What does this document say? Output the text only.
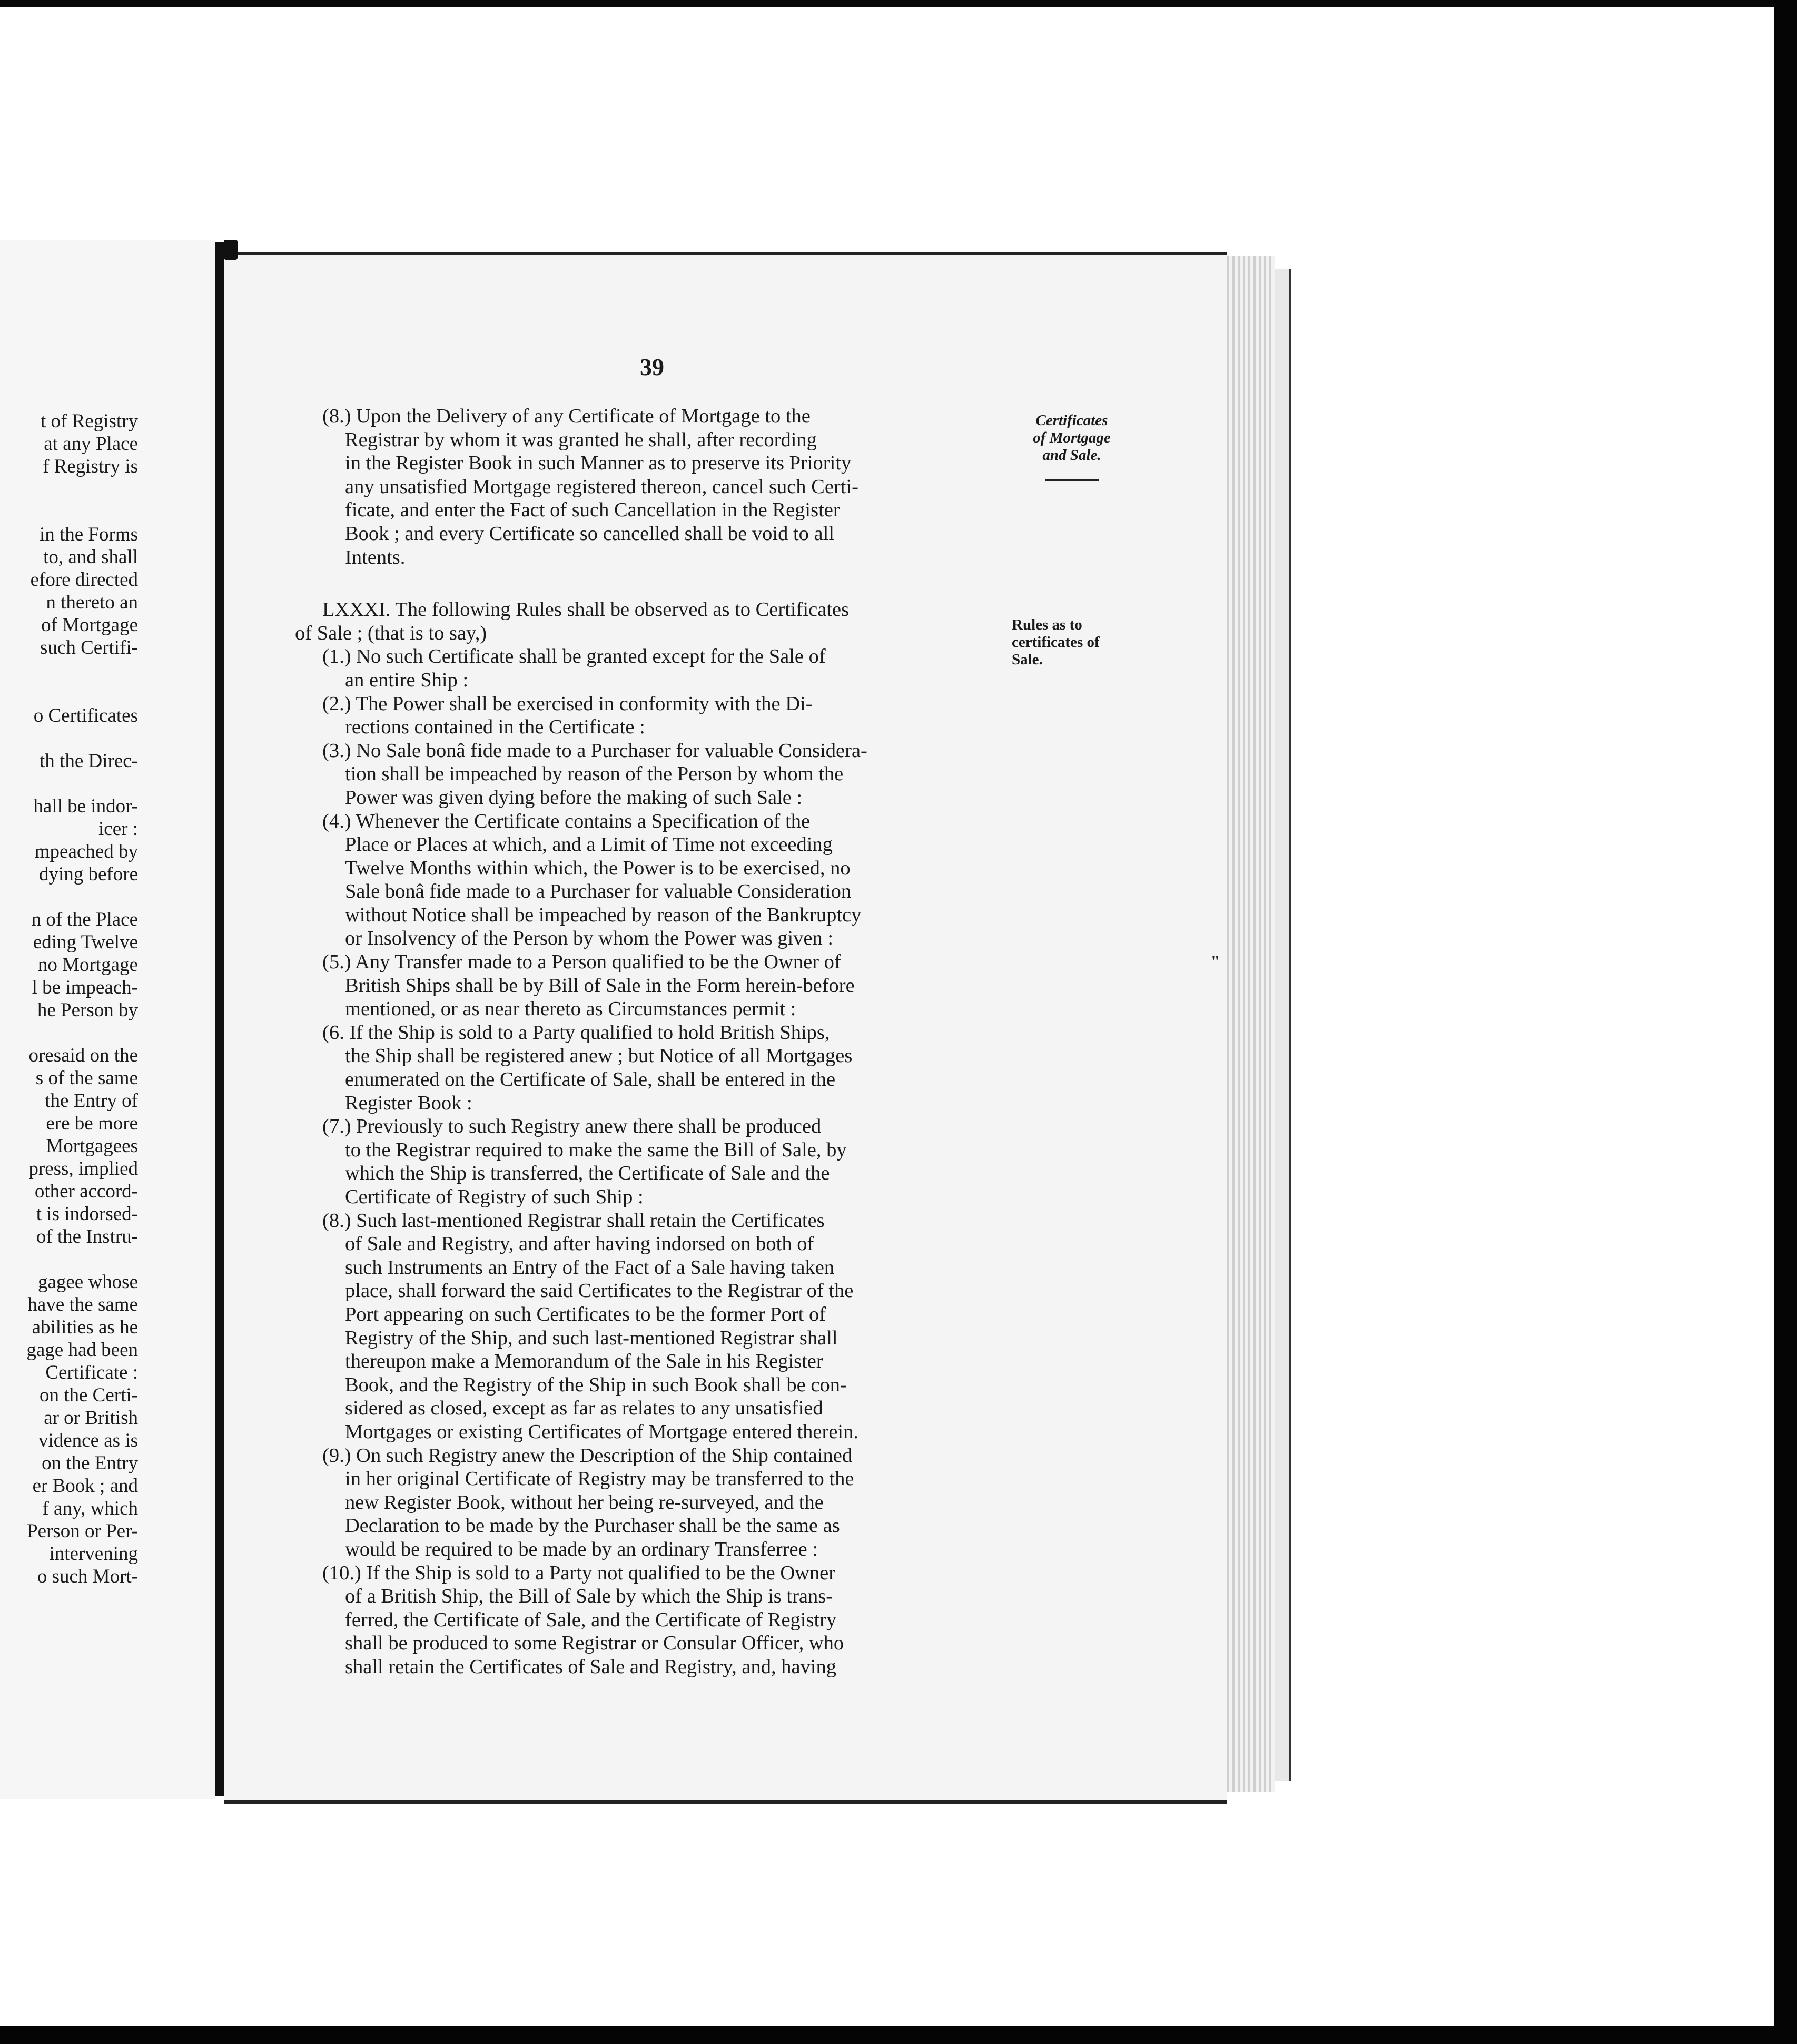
t of Registry
at any Place
f Registry is
in the Forms
to, and shall
efore directed
n thereto an
of Mortgage
such Certifi-
o Certificates
th the Direc-
hall be indor-
icer :
mpeached by
dying before
n of the Place
eding Twelve
no Mortgage
l be impeach-
he Person by
oresaid on the
s of the same
the Entry of
ere be more
Mortgagees
press, implied
other accord-
t is indorsed-
of the Instru-
gagee whose
have the same
abilities as he
gage had been
Certificate :
on the Certi-
ar or British
vidence as is
on the Entry
er Book ; and
f any, which
Person or Per-
intervening
o such Mort-
39
Certificates
of Mortgage
and Sale.
Rules as to
certificates of
Sale.
(8.) Upon the Delivery of any Certificate of Mortgage to the
Registrar by whom it was granted he shall, after recording
in the Register Book in such Manner as to preserve its Priority
any unsatisfied Mortgage registered thereon, cancel such Certi-
ficate, and enter the Fact of such Cancellation in the Register
Book ; and every Certificate so cancelled shall be void to all
Intents.
LXXXI. The following Rules shall be observed as to Certificates
of Sale ; (that is to say,)
(1.) No such Certificate shall be granted except for the Sale of
an entire Ship :
(2.) The Power shall be exercised in conformity with the Di-
rections contained in the Certificate :
(3.) No Sale bonâ fide made to a Purchaser for valuable Considera-
tion shall be impeached by reason of the Person by whom the
Power was given dying before the making of such Sale :
(4.) Whenever the Certificate contains a Specification of the
Place or Places at which, and a Limit of Time not exceeding
Twelve Months within which, the Power is to be exercised, no
Sale bonâ fide made to a Purchaser for valuable Consideration
without Notice shall be impeached by reason of the Bankruptcy
or Insolvency of the Person by whom the Power was given :
(5.) Any Transfer made to a Person qualified to be the Owner of
British Ships shall be by Bill of Sale in the Form herein-before
mentioned, or as near thereto as Circumstances permit :
(6. If the Ship is sold to a Party qualified to hold British Ships,
the Ship shall be registered anew ; but Notice of all Mortgages
enumerated on the Certificate of Sale, shall be entered in the
Register Book :
(7.) Previously to such Registry anew there shall be produced
to the Registrar required to make the same the Bill of Sale, by
which the Ship is transferred, the Certificate of Sale and the
Certificate of Registry of such Ship :
(8.) Such last-mentioned Registrar shall retain the Certificates
of Sale and Registry, and after having indorsed on both of
such Instruments an Entry of the Fact of a Sale having taken
place, shall forward the said Certificates to the Registrar of the
Port appearing on such Certificates to be the former Port of
Registry of the Ship, and such last-mentioned Registrar shall
thereupon make a Memorandum of the Sale in his Register
Book, and the Registry of the Ship in such Book shall be con-
sidered as closed, except as far as relates to any unsatisfied
Mortgages or existing Certificates of Mortgage entered therein.
(9.) On such Registry anew the Description of the Ship contained
in her original Certificate of Registry may be transferred to the
new Register Book, without her being re-surveyed, and the
Declaration to be made by the Purchaser shall be the same as
would be required to be made by an ordinary Transferree :
(10.) If the Ship is sold to a Party not qualified to be the Owner
of a British Ship, the Bill of Sale by which the Ship is trans-
ferred, the Certificate of Sale, and the Certificate of Registry
shall be produced to some Registrar or Consular Officer, who
shall retain the Certificates of Sale and Registry, and, having
"
